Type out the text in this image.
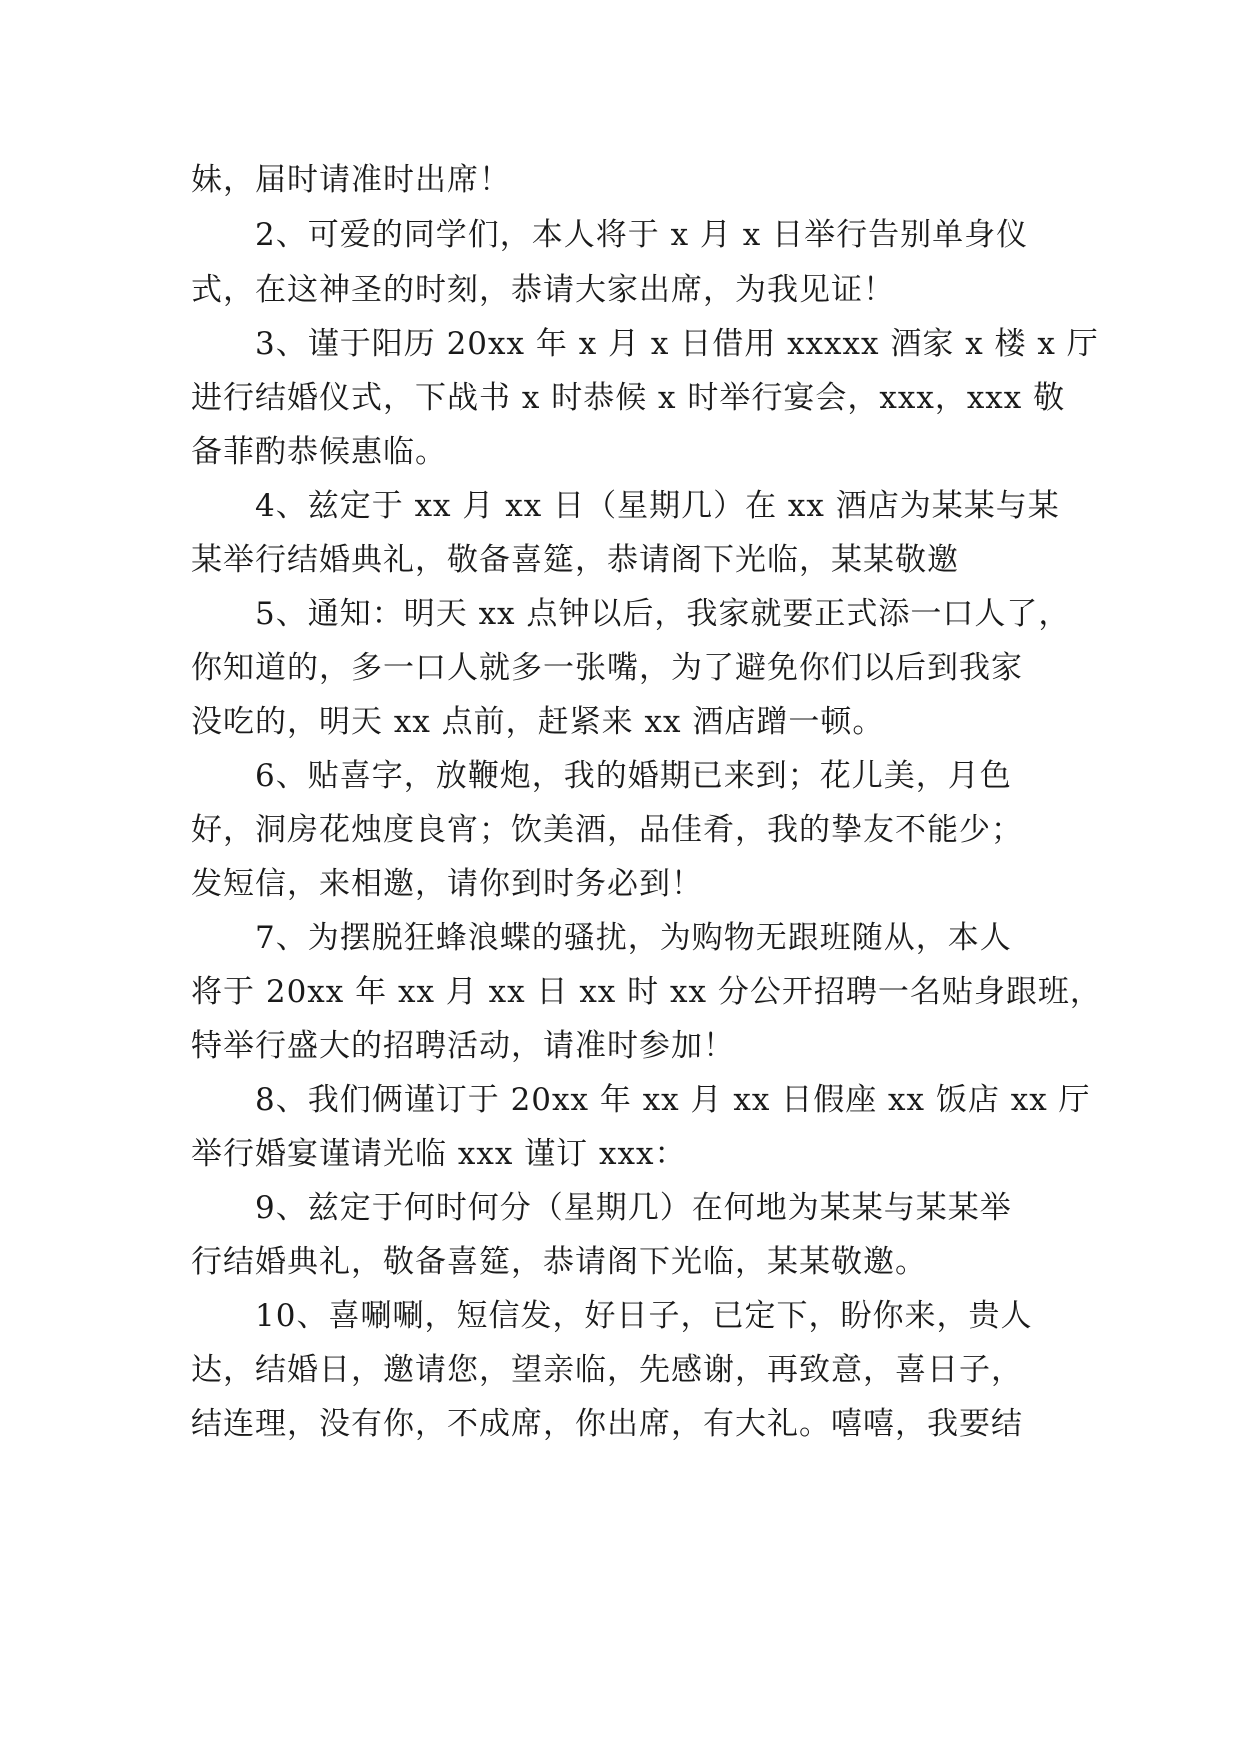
妹，届时请准时出席！
2、可爱的同学们，本人将于 x 月 x 日举行告别单身仪
式，在这神圣的时刻，恭请大家出席，为我见证！
3、谨于阳历 20xx 年 x 月 x 日借用 xxxxx 酒家 x 楼 x 厅
进行结婚仪式，下战书 x 时恭候 x 时举行宴会，xxx，xxx 敬
备菲酌恭候惠临。
4、兹定于 xx 月 xx 日（星期几）在 xx 酒店为某某与某
某举行结婚典礼，敬备喜筵，恭请阁下光临，某某敬邀
5、通知：明天 xx 点钟以后，我家就要正式添一口人了，
你知道的，多一口人就多一张嘴，为了避免你们以后到我家
没吃的，明天 xx 点前，赶紧来 xx 酒店蹭一顿。
6、贴喜字，放鞭炮，我的婚期已来到；花儿美，月色
好，洞房花烛度良宵；饮美酒，品佳肴，我的挚友不能少；
发短信，来相邀，请你到时务必到！
7、为摆脱狂蜂浪蝶的骚扰，为购物无跟班随从，本人
将于 20xx 年 xx 月 xx 日 xx 时 xx 分公开招聘一名贴身跟班，
特举行盛大的招聘活动，请准时参加！
8、我们俩谨订于 20xx 年 xx 月 xx 日假座 xx 饭店 xx 厅
举行婚宴谨请光临 xxx 谨订 xxx：
9、兹定于何时何分（星期几）在何地为某某与某某举
行结婚典礼，敬备喜筵，恭请阁下光临，某某敬邀。
10、喜唰唰，短信发，好日子，已定下，盼你来，贵人
达，结婚日，邀请您，望亲临，先感谢，再致意，喜日子，
结连理，没有你，不成席，你出席，有大礼。嘻嘻，我要结
